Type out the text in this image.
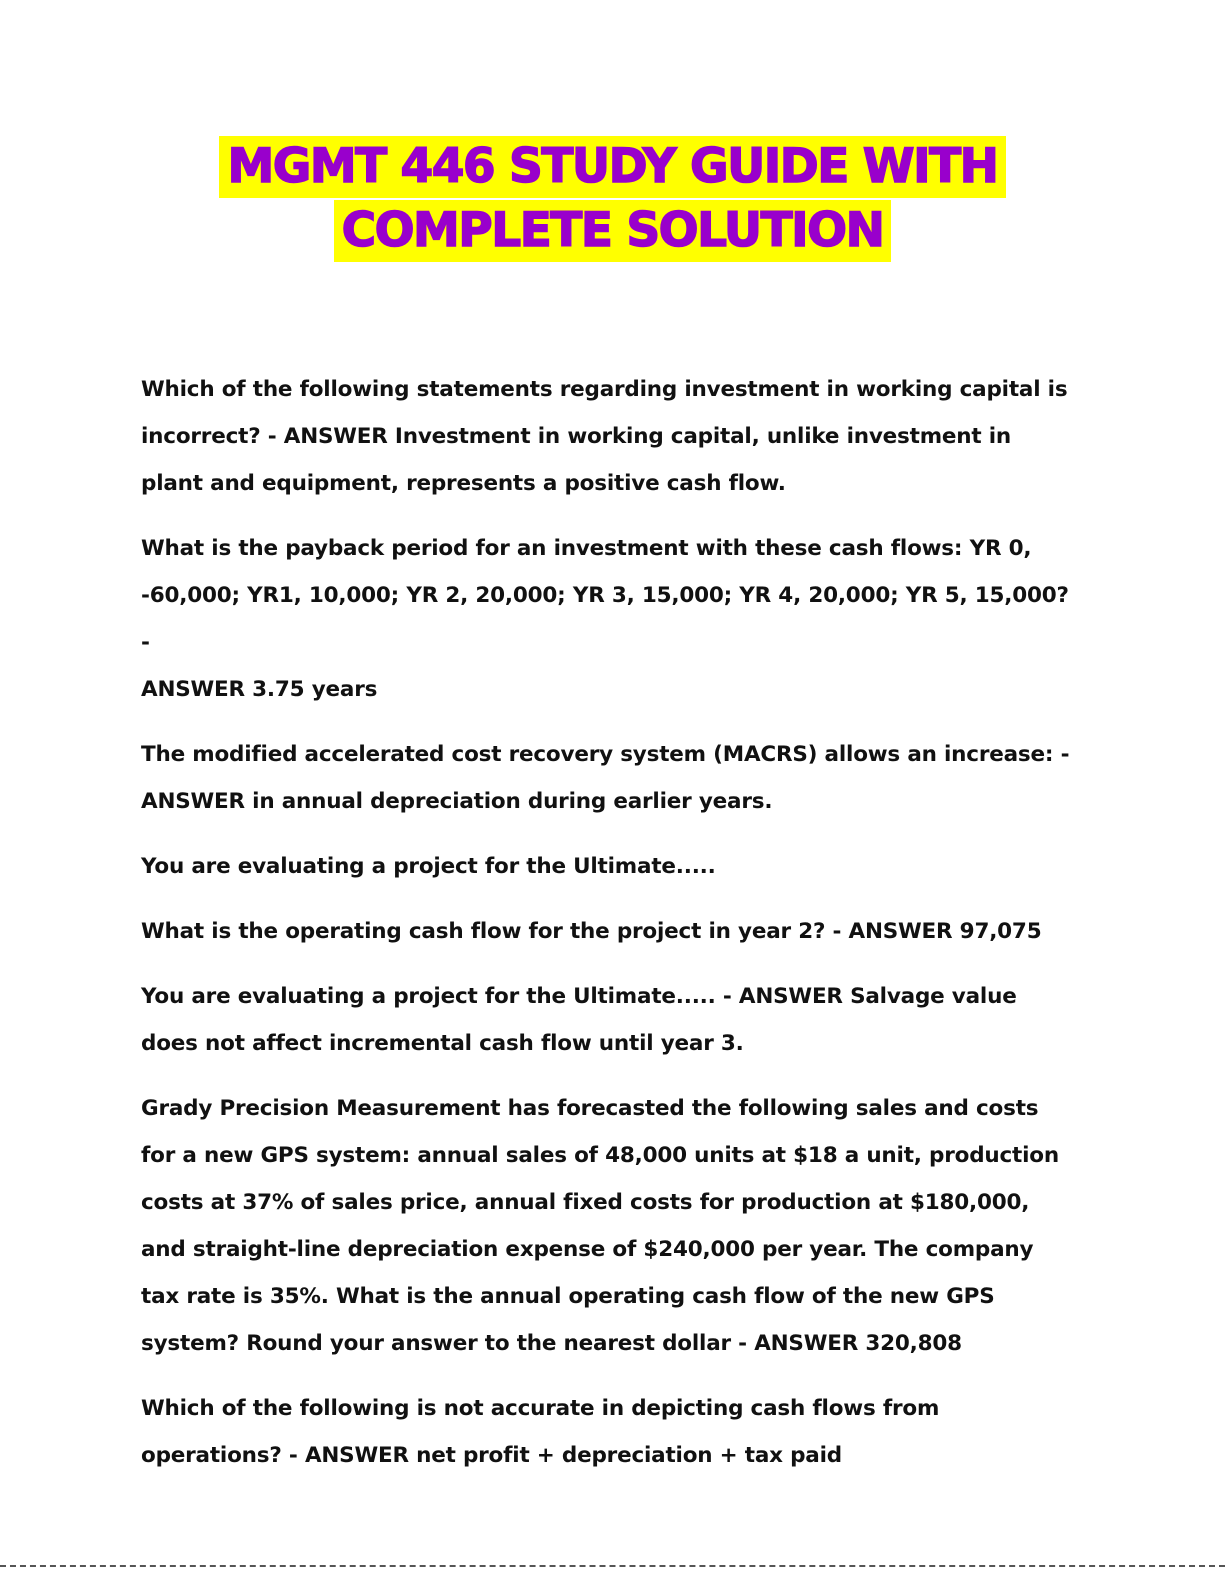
MGMT 446 STUDY GUIDE WITH
COMPLETE SOLUTION

Which of the following statements regarding investment in working capital is
incorrect? - ANSWER Investment in working capital, unlike investment in
plant and equipment, represents a positive cash flow.

What is the payback period for an investment with these cash flows: YR 0,
-60,000; YR1, 10,000; YR 2, 20,000; YR 3, 15,000; YR 4, 20,000; YR 5, 15,000? -
ANSWER 3.75 years

The modified accelerated cost recovery system (MACRS) allows an increase: -
ANSWER in annual depreciation during earlier years.

You are evaluating a project for the Ultimate.....

What is the operating cash flow for the project in year 2? - ANSWER 97,075

You are evaluating a project for the Ultimate..... - ANSWER Salvage value
does not affect incremental cash flow until year 3.

Grady Precision Measurement has forecasted the following sales and costs
for a new GPS system: annual sales of 48,000 units at $18 a unit, production
costs at 37% of sales price, annual fixed costs for production at $180,000,
and straight-line depreciation expense of $240,000 per year. The company
tax rate is 35%. What is the annual operating cash flow of the new GPS
system? Round your answer to the nearest dollar - ANSWER 320,808

Which of the following is not accurate in depicting cash flows from
operations? - ANSWER net profit + depreciation + tax paid
